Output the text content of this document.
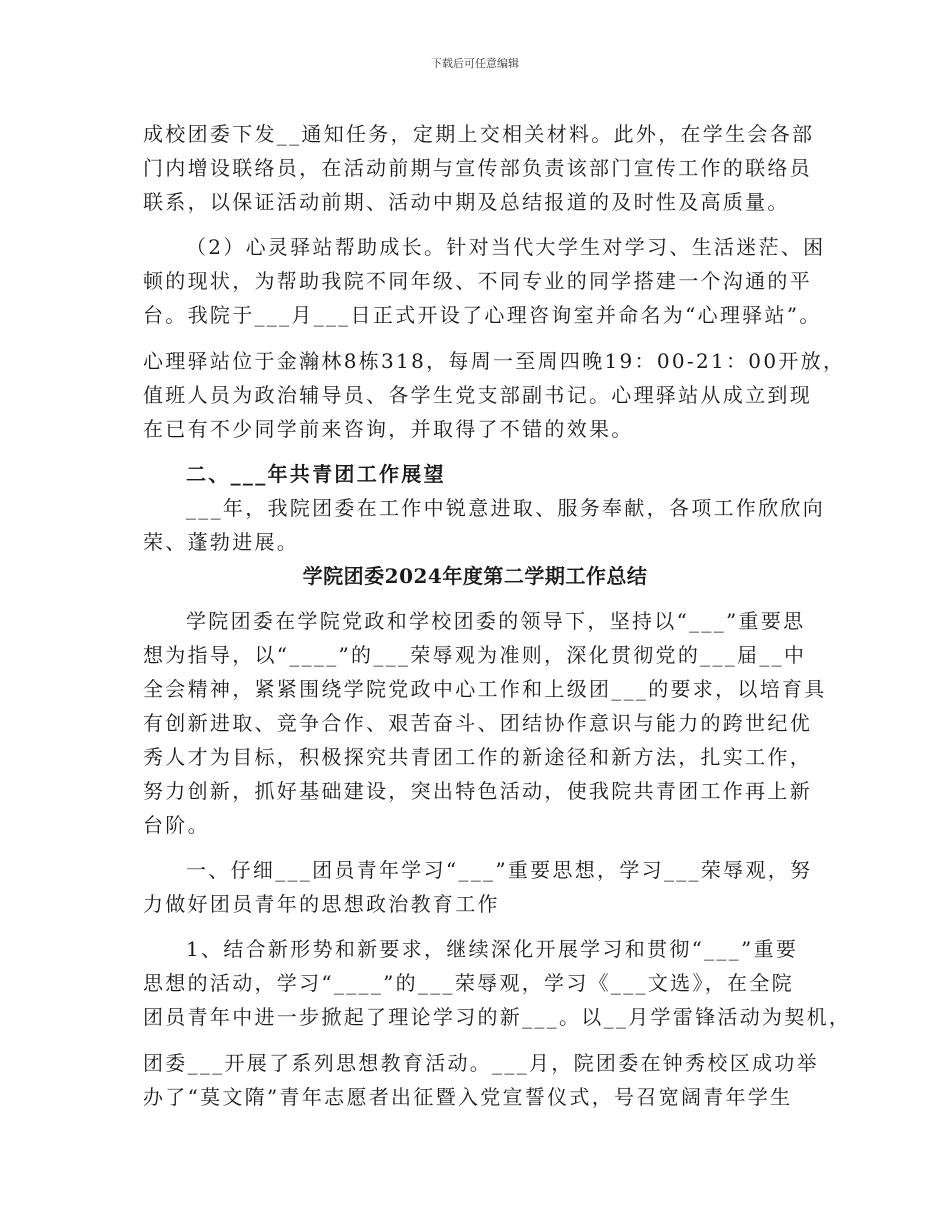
下载后可任意编辑
成校团委下发__通知任务，定期上交相关材料。此外，在学生会各部
门内增设联络员，在活动前期与宣传部负责该部门宣传工作的联络员
联系，以保证活动前期、活动中期及总结报道的及时性及高质量。
（2）心灵驿站帮助成长。针对当代大学生对学习、生活迷茫、困
顿的现状，为帮助我院不同年级、不同专业的同学搭建一个沟通的平
台。我院于___月___日正式开设了心理咨询室并命名为“心理驿站”。
心理驿站位于金瀚林8栋318，每周一至周四晚19：00-21：00开放，
值班人员为政治辅导员、各学生党支部副书记。心理驿站从成立到现
在已有不少同学前来咨询，并取得了不错的效果。
二、___年共青团工作展望
___年，我院团委在工作中锐意进取、服务奉献，各项工作欣欣向
荣、蓬勃进展。
学院团委2024年度第二学期工作总结
学院团委在学院党政和学校团委的领导下，坚持以“___”重要思
想为指导，以“____”的___荣辱观为准则，深化贯彻党的___届__中
全会精神，紧紧围绕学院党政中心工作和上级团___的要求，以培育具
有创新进取、竞争合作、艰苦奋斗、团结协作意识与能力的跨世纪优
秀人才为目标，积极探究共青团工作的新途径和新方法，扎实工作，
努力创新，抓好基础建设，突出特色活动，使我院共青团工作再上新
台阶。
一、仔细___团员青年学习“___”重要思想，学习___荣辱观，努
力做好团员青年的思想政治教育工作
1、结合新形势和新要求，继续深化开展学习和贯彻“___”重要
思想的活动，学习“____”的___荣辱观，学习《___文选》，在全院
团员青年中进一步掀起了理论学习的新___。以__月学雷锋活动为契机，
团委___开展了系列思想教育活动。___月，院团委在钟秀校区成功举
办了“莫文隋”青年志愿者出征暨入党宣誓仪式，号召宽阔青年学生
